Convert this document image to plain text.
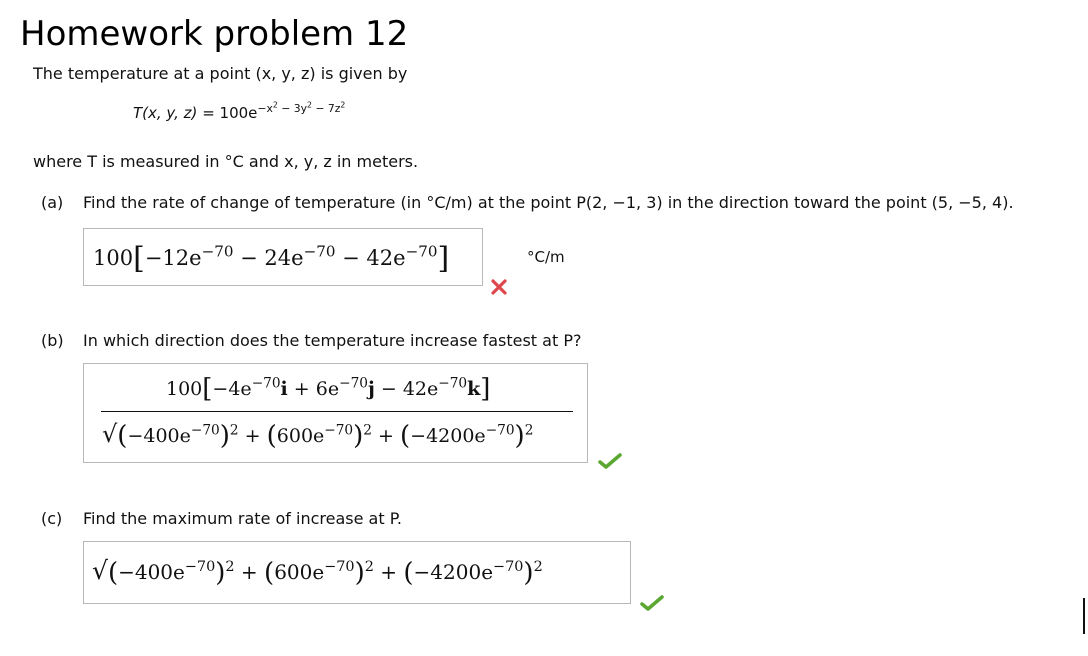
Homework problem 12
The temperature at a point (x, y, z) is given by
T(x, y, $z) = 100e^{-x^2 - 3y^2 - 7z^2}$
where T is measured in °C and x, y, z in meters.
(a) Find the rate of change of temperature (in °C/m) at the point P(2, −1, 3) in the direction toward the point (5, −5, 4).
$100[-12e^{-70} - 24e^{-70} - 42e^{-70}]$	°C/m
(b) In which direction does the temperature increase fastest at P?
$100[-4e^{-70}i + 6e^{-70}j - 42e^{-70}k]$
$√(-400e^{-70})^2 + (600e^{-70})^2 + (-4200e^{-70})^2$
(c) Find the maximum rate of increase at P.
$√(-400e^{-70})^2 + (600e^{-70})^2 + (-4200e^{-70})^2$
